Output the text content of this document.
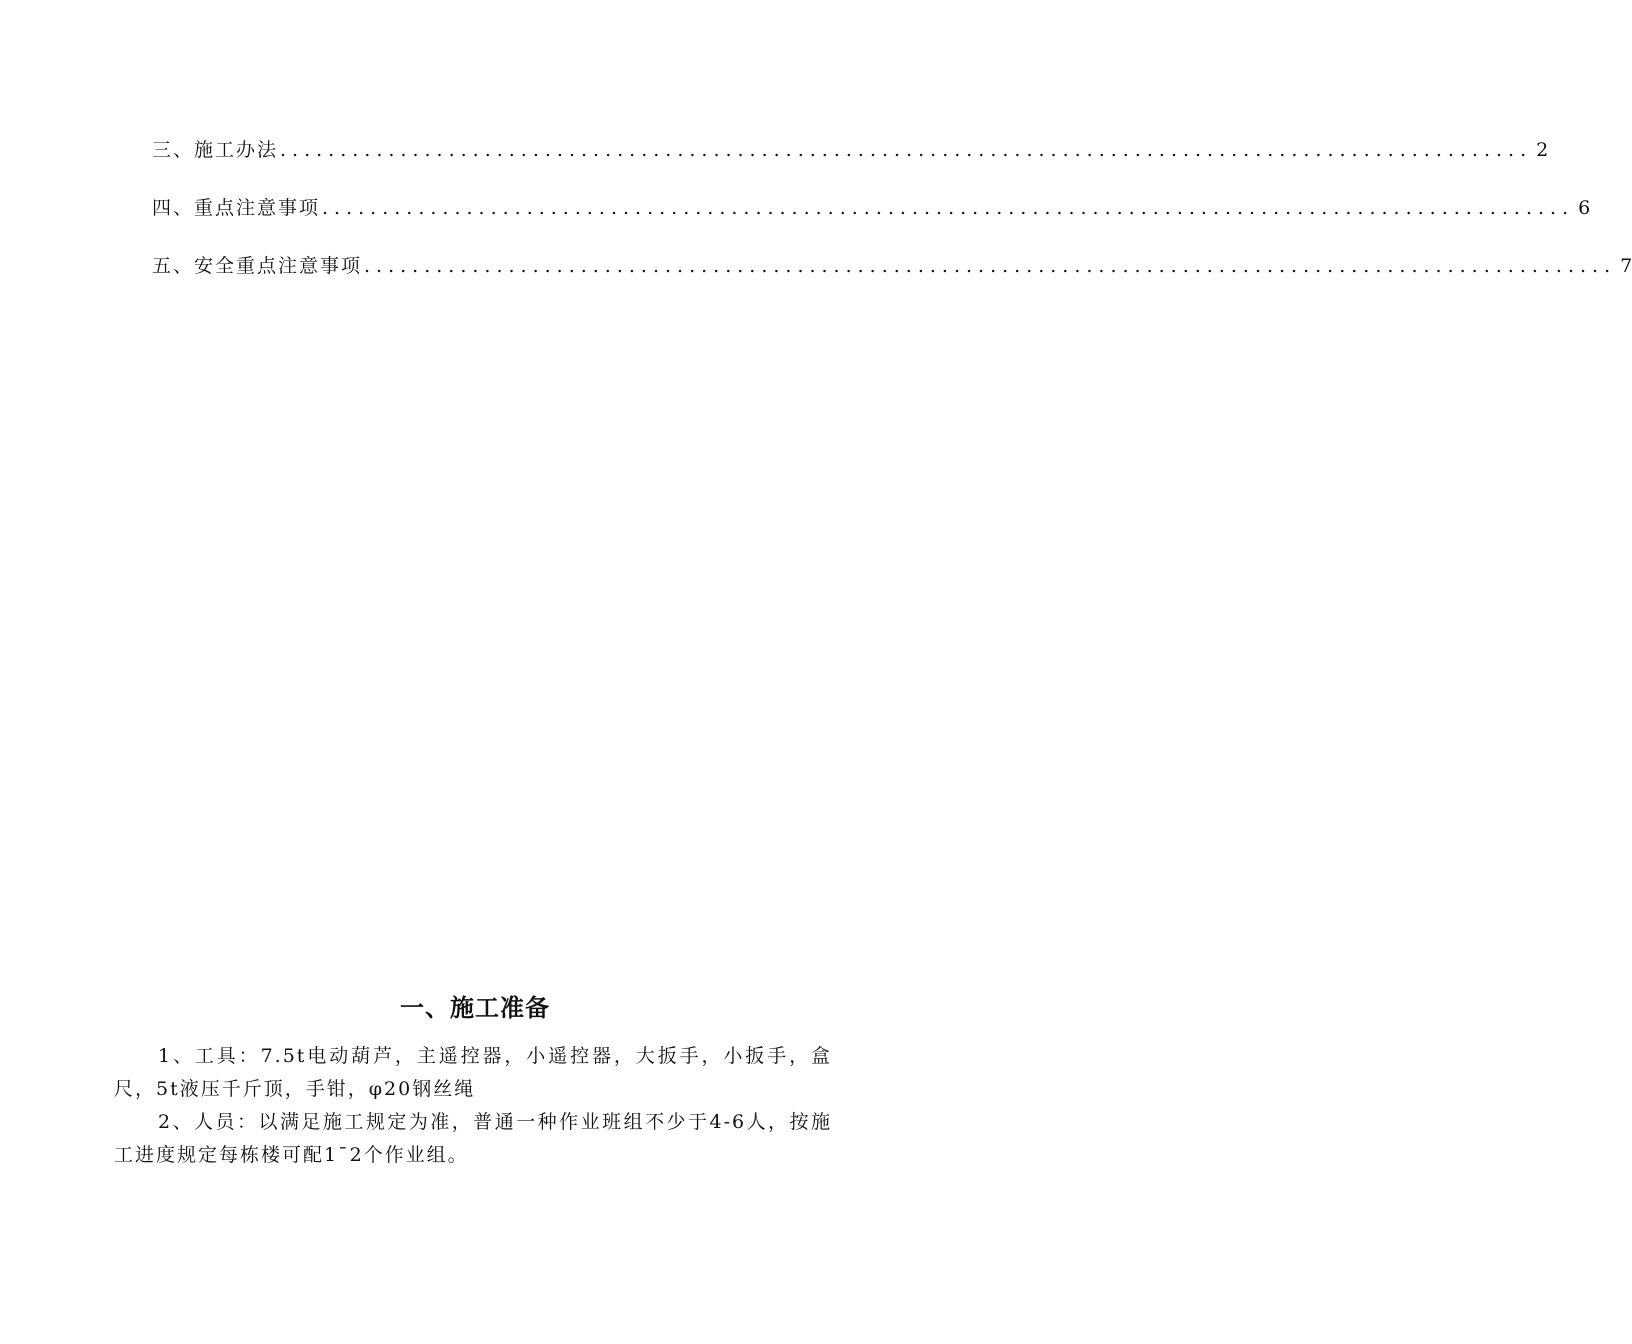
三、施工办法 ........................................................................................................ 2
四、重点注意事项 ........................................................................................................ 6
五、安全重点注意事项 ........................................................................................................ 7
一、施工准备

1、工具：7.5t电动葫芦，主遥控器，小遥控器，大扳手，小扳手，盒尺，5t液压千斤顶，手钳，φ20钢丝绳

2、人员：以满足施工规定为准，普通一种作业班组不少于4-6人，按施工进度规定每栋楼可配1¯2个作业组。
